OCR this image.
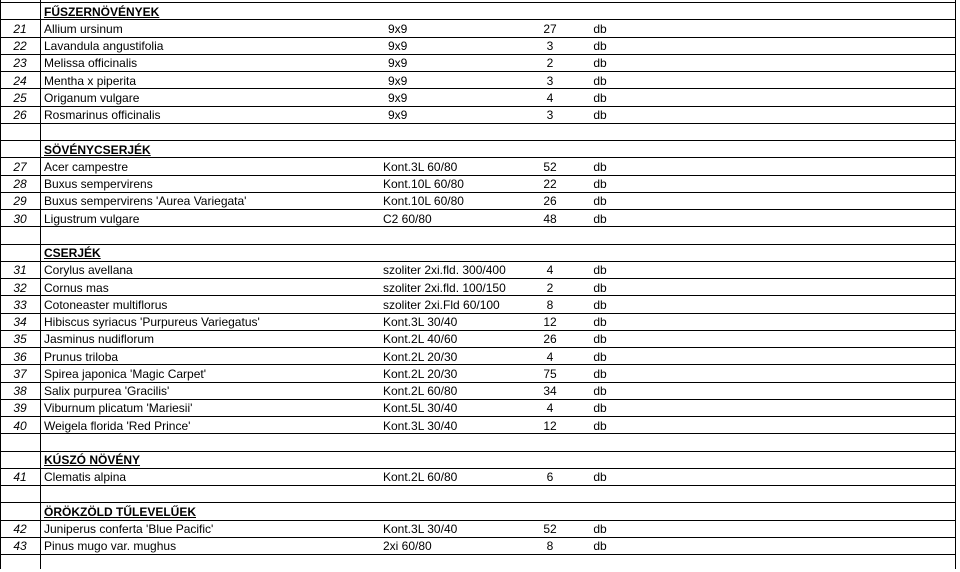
FŰSZERNÖVÉNYEK
21	Allium ursinum	9x9	27	db
22	Lavandula angustifolia	9x9	3	db
23	Melissa officinalis	9x9	2	db
24	Mentha x piperita	9x9	3	db
25	Origanum vulgare	9x9	4	db
26	Rosmarinus officinalis	9x9	3	db
SÖVÉNYCSERJÉK
27	Acer campestre	Kont.3L 60/80	52	db
28	Buxus sempervirens	Kont.10L 60/80	22	db
29	Buxus sempervirens 'Aurea Variegata'	Kont.10L 60/80	26	db
30	Ligustrum vulgare	C2 60/80	48	db
CSERJÉK
31	Corylus avellana	szoliter 2xi.fld. 300/400	4	db
32	Cornus mas	szoliter 2xi.fld. 100/150	2	db
33	Cotoneaster multiflorus	szoliter 2xi.Fld 60/100	8	db
34	Hibiscus syriacus 'Purpureus Variegatus'	Kont.3L 30/40	12	db
35	Jasminus nudiflorum	Kont.2L 40/60	26	db
36	Prunus triloba	Kont.2L 20/30	4	db
37	Spirea japonica 'Magic Carpet'	Kont.2L 20/30	75	db
38	Salix purpurea 'Gracilis'	Kont.2L 60/80	34	db
39	Viburnum plicatum 'Mariesii'	Kont.5L 30/40	4	db
40	Weigela florida 'Red Prince'	Kont.3L 30/40	12	db
KÚSZÓ NÖVÉNY
41	Clematis alpina	Kont.2L 60/80	6	db
ÖRÖKZÖLD TŰLEVELŰEK
42	Juniperus conferta 'Blue Pacific'	Kont.3L 30/40	52	db
43	Pinus mugo var. mughus	2xi 60/80	8	db
